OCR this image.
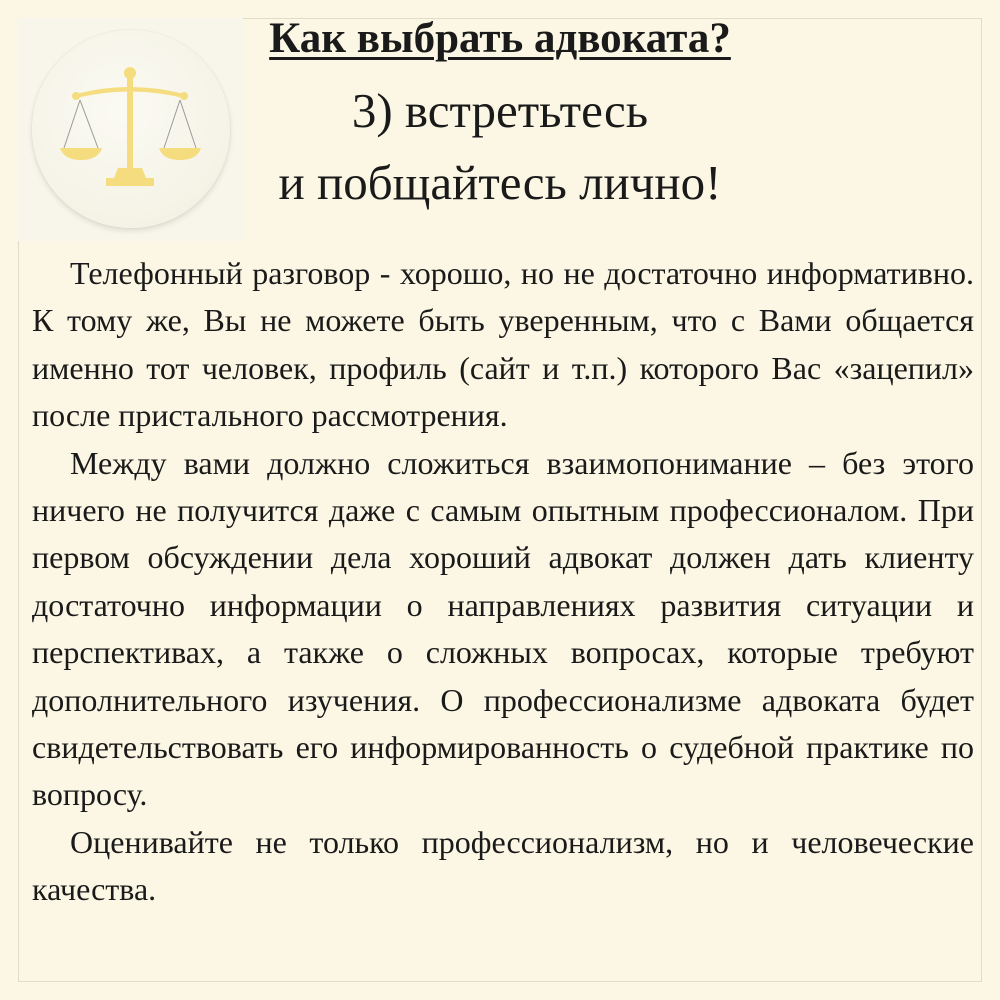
Как выбрать адвоката?
3) встретьтесь
и побщайтесь лично!

Телефонный разговор - хорошо, но не достаточно информативно. К тому же, Вы не можете быть уверенным, что с Вами общается именно тот человек, профиль (сайт и т.п.) которого Вас «зацепил» после пристального рассмотрения.

Между вами должно сложиться взаимопонимание – без этого ничего не получится даже с самым опытным профессионалом. При первом обсуждении дела хороший адвокат должен дать клиенту достаточно информации о направлениях развития ситуации и перспективах, а также о сложных вопросах, которые требуют дополнительного изучения. О профессионализме адвоката будет свидетельствовать его информированность о судебной практике по вопросу.

Оценивайте не только профессионализм, но и человеческие качества.
